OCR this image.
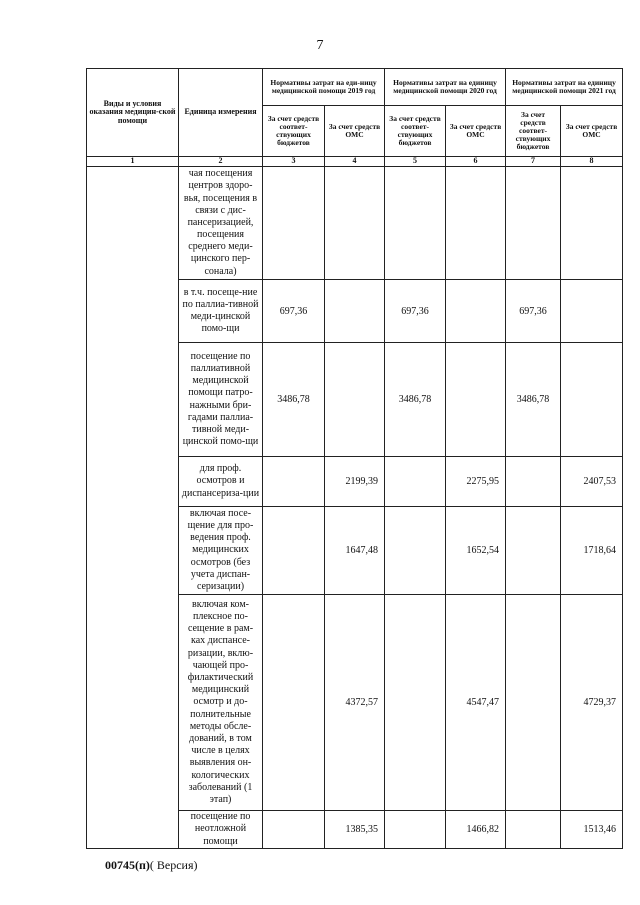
7
Виды и условия оказания медицин-ской помощи	Единица измерения	Нормативы затрат на еди-ницу медицинской помощи 2019 год		Нормативы затрат на единицу медицинской помощи 2020 год		Нормативы затрат на единицу медицинской помощи 2021 год	
		За счет средств соответ-ствующих бюджетов	За счет средств ОМС	За счет средств соответ-ствующих бюджетов	За счет средств ОМС	За счет средств соответ-ствующих бюджетов	За счет средств ОМС
1	2	3	4	5	6	7	8
	чая посещения центров здоро-вья, посещения в связи с дис-пансеризацией, посещения среднего меди-цинского пер-сонала)						
	в т.ч. посеще-ние по паллиа-тивной меди-цинской помо-щи	697,36		697,36		697,36	
	посещение по паллиативной медицинской помощи патро-нажными бри-гадами паллиа-тивной меди-цинской помо-щи	3486,78		3486,78		3486,78	
	для проф. осмотров и диспансериза-ции		2199,39		2275,95		2407,53
	включая посе-щение для про-ведения проф. медицинских осмотров (без учета диспан-серизации)		1647,48		1652,54		1718,64
	включая ком-плексное по-сещение в рам-ках диспансе-ризации, вклю-чающей про-филактический медицинский осмотр и до-полнительные методы обсле-дований, в том числе в целях выявления он-кологических заболеваний (1 этап)		4372,57		4547,47		4729,37
	посещение по неотложной помощи		1385,35		1466,82		1513,46
00745(п)( Версия)
